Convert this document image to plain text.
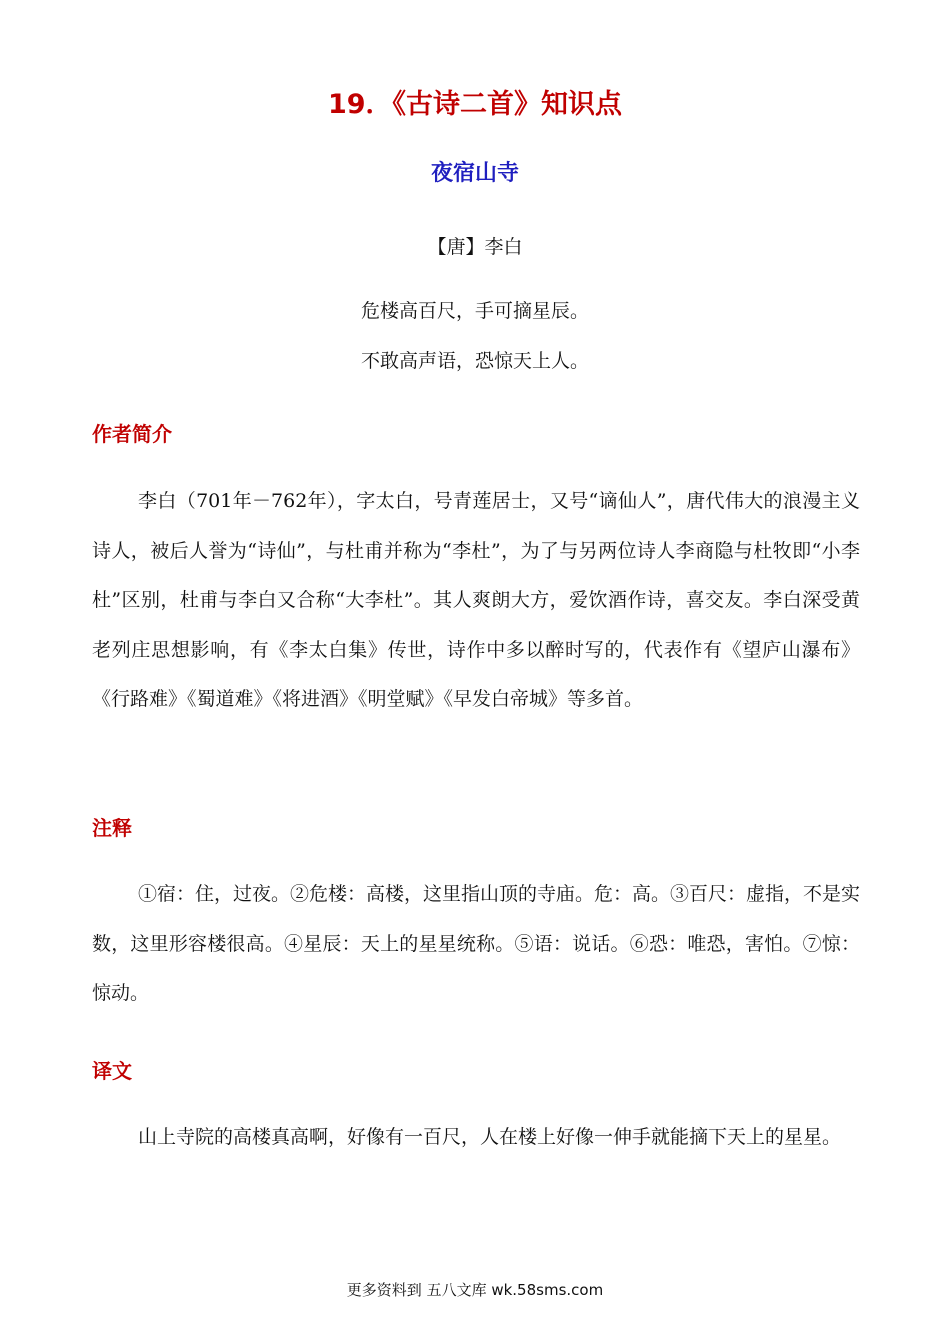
19．《古诗二首》知识点
夜宿山寺
【唐】李白
危楼高百尺，手可摘星辰。
不敢高声语，恐惊天上人。
作者简介

李白（701年－762年），字太白，号青莲居士，又号“谪仙人”，唐代伟大的浪漫主义诗人，被后人誉为“诗仙”，与杜甫并称为“李杜”，为了与另两位诗人李商隐与杜牧即“小李杜”区别，杜甫与李白又合称“大李杜”。其人爽朗大方，爱饮酒作诗，喜交友。李白深受黄老列庄思想影响，有《李太白集》传世，诗作中多以醉时写的，代表作有《望庐山瀑布》《行路难》《蜀道难》《将进酒》《明堂赋》《早发白帝城》等多首。

注释

①宿：住，过夜。②危楼：高楼，这里指山顶的寺庙。危：高。③百尺：虚指，不是实数，这里形容楼很高。④星辰：天上的星星统称。⑤语：说话。⑥恐：唯恐，害怕。⑦惊：惊动。

译文

山上寺院的高楼真高啊，好像有一百尺，人在楼上好像一伸手就能摘下天上的星星。

更多资料到 五八文库 wk.58sms.com
